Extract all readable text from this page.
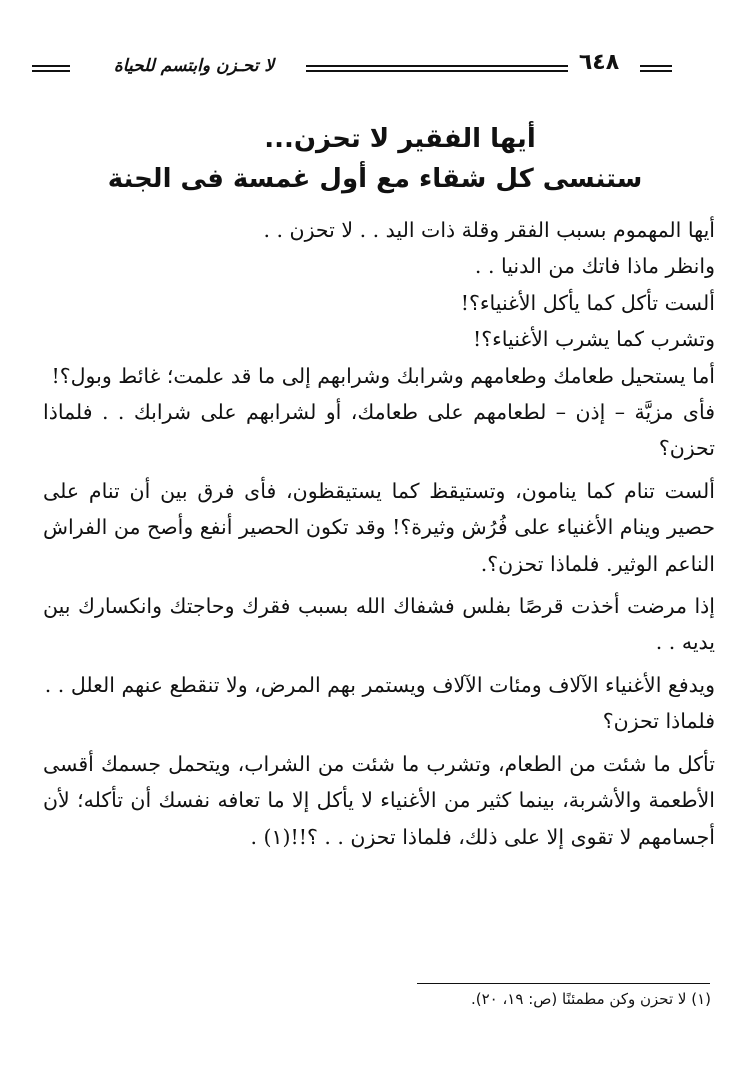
لا تحـزن وابتسم للحياة	٦٤٨
أيها الفقير لا تحزن...
ستنسى كل شقاء مع أول غمسة فى الجنة

أيها المهموم بسبب الفقر وقلة ذات اليد . . لا تحزن . .

وانظر ماذا فاتك من الدنيا . .

ألست تأكل كما يأكل الأغنياء؟!

وتشرب كما يشرب الأغنياء؟!

أما يستحيل طعامك وطعامهم وشرابك وشرابهم إلى ما قد علمت؛ غائط وبول؟!

فأى مزيَّة – إذن – لطعامهم على طعامك، أو لشرابهم على شرابك . . فلماذا تحزن؟

ألست تنام كما ينامون، وتستيقظ كما يستيقظون، فأى فرق بين أن تنام على حصير وينام الأغنياء على فُرُش وثيرة؟! وقد تكون الحصير أنفع وأصح من الفراش الناعم الوثير. فلماذا تحزن؟.

إذا مرضت أخذت قرصًا بفلس فشفاك الله بسبب فقرك وحاجتك وانكسارك بين يديه . .

ويدفع الأغنياء الآلاف ومئات الآلاف ويستمر بهم المرض، ولا تنقطع عنهم العلل . .

فلماذا تحزن؟

تأكل ما شئت من الطعام، وتشرب ما شئت من الشراب، ويتحمل جسمك أقسى الأطعمة والأشربة، بينما كثير من الأغنياء لا يأكل إلا ما تعافه نفسك أن تأكله؛ لأن أجسامهم لا تقوى إلا على ذلك، فلماذا تحزن . . ؟!!(١) .

(١) لا تحزن وكن مطمئنًا (ص: ١٩، ٢٠).
